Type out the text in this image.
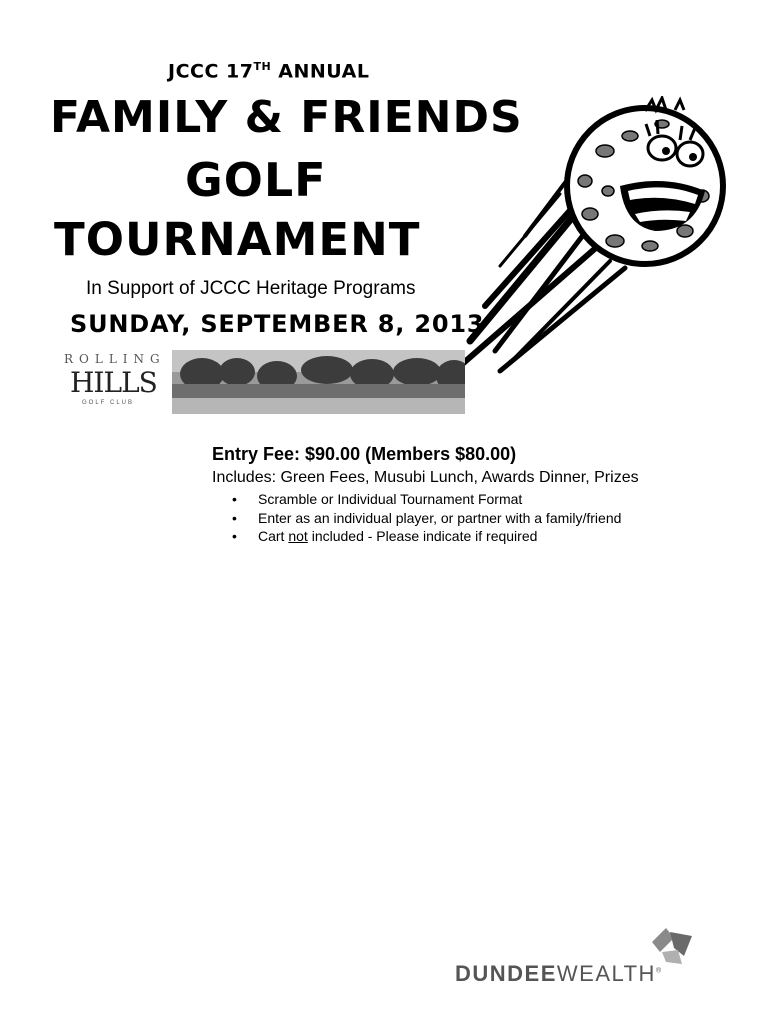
JCCC 17TH ANNUAL
FAMILY & FRIENDS
GOLF
TOURNAMENT
In Support of JCCC Heritage Programs
SUNDAY, SEPTEMBER 8, 2013
ROLLING
HILLS
GOLF CLUB
Entry Fee: $90.00 (Members $80.00)
Includes: Green Fees, Musubi Lunch, Awards Dinner, Prizes
• Scramble or Individual Tournament Format
• Enter as an individual player, or partner with a family/friend
• Cart not included - Please indicate if required
DUNDEEWEALTH®
